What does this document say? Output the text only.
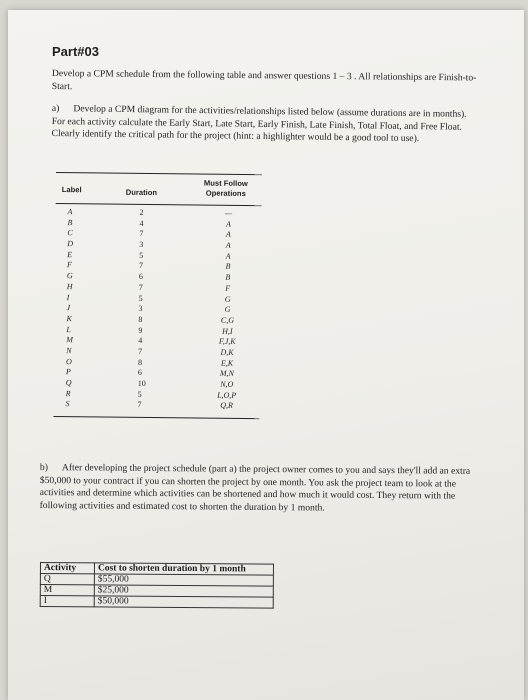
Part#03
Develop a CPM schedule from the following table and answer questions 1 – 3 . All relationships are Finish-to-Start.
a) Develop a CPM diagram for the activities/relationships listed below (assume durations are in months). For each activity calculate the Early Start, Late Start, Early Finish, Late Finish, Total Float, and Free Float. Clearly identify the critical path for the project (hint: a highlighter would be a good tool to use).
Label	Duration
Must Follow
Operations
A	2	—
B	4	A
C	7	A
D	3	A
E	5	A
F	7	B
G	6	B
H	7	F
I	5	G
J	3	G
K	8	C,G
L	9	H,I
M	4	F,J,K
N	7	D,K
O	8	E,K
P	6	M,N
Q	10	N,O
R	5	L,O,P
S	7	Q,R
b) After developing the project schedule (part a) the project owner comes to you and says they'll add an extra $50,000 to your contract if you can shorten the project by one month. You ask the project team to look at the activities and determine which activities can be shortened and how much it would cost. They return with the following activities and estimated cost to shorten the duration by 1 month.
Activity	Cost to shorten duration by 1 month
Q	$55,000
M	$25,000
I	$50,000
